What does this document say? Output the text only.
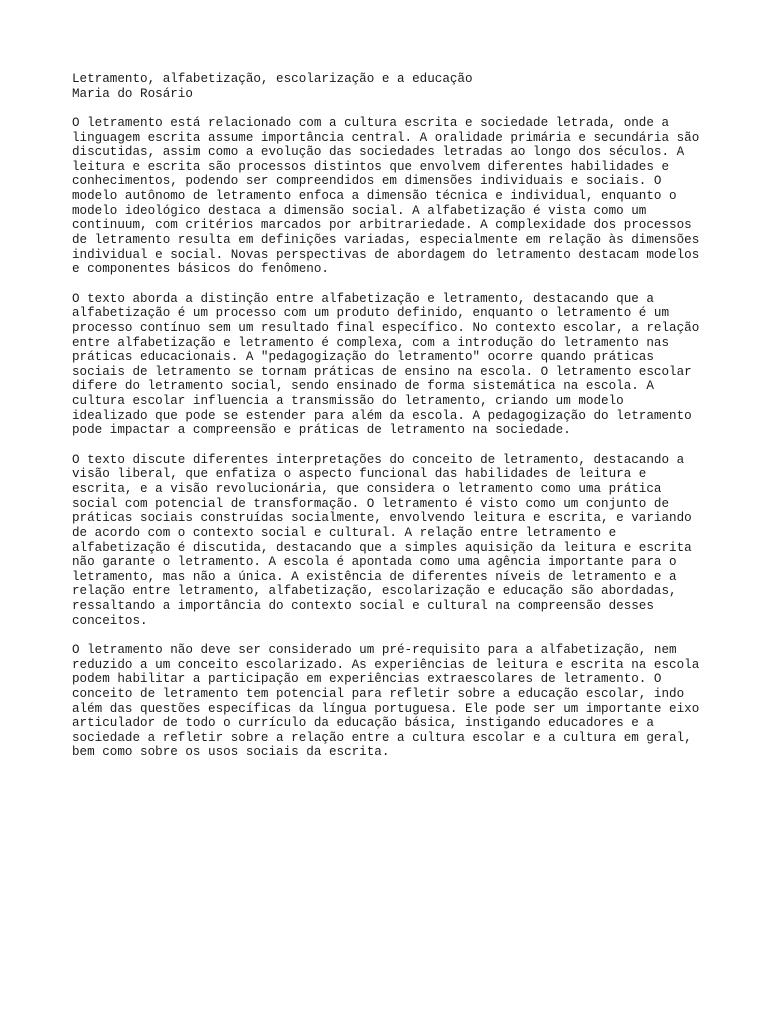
Letramento, alfabetização, escolarização e a educação
Maria do Rosário
O letramento está relacionado com a cultura escrita e sociedade letrada, onde a
linguagem escrita assume importância central. A oralidade primária e secundária são
discutidas, assim como a evolução das sociedades letradas ao longo dos séculos. A
leitura e escrita são processos distintos que envolvem diferentes habilidades e
conhecimentos, podendo ser compreendidos em dimensões individuais e sociais. O
modelo autônomo de letramento enfoca a dimensão técnica e individual, enquanto o
modelo ideológico destaca a dimensão social. A alfabetização é vista como um
continuum, com critérios marcados por arbitrariedade. A complexidade dos processos
de letramento resulta em definições variadas, especialmente em relação às dimensões
individual e social. Novas perspectivas de abordagem do letramento destacam modelos
e componentes básicos do fenômeno.
O texto aborda a distinção entre alfabetização e letramento, destacando que a
alfabetização é um processo com um produto definido, enquanto o letramento é um
processo contínuo sem um resultado final específico. No contexto escolar, a relação
entre alfabetização e letramento é complexa, com a introdução do letramento nas
práticas educacionais. A "pedagogização do letramento" ocorre quando práticas
sociais de letramento se tornam práticas de ensino na escola. O letramento escolar
difere do letramento social, sendo ensinado de forma sistemática na escola. A
cultura escolar influencia a transmissão do letramento, criando um modelo
idealizado que pode se estender para além da escola. A pedagogização do letramento
pode impactar a compreensão e práticas de letramento na sociedade.
O texto discute diferentes interpretações do conceito de letramento, destacando a
visão liberal, que enfatiza o aspecto funcional das habilidades de leitura e
escrita, e a visão revolucionária, que considera o letramento como uma prática
social com potencial de transformação. O letramento é visto como um conjunto de
práticas sociais construídas socialmente, envolvendo leitura e escrita, e variando
de acordo com o contexto social e cultural. A relação entre letramento e
alfabetização é discutida, destacando que a simples aquisição da leitura e escrita
não garante o letramento. A escola é apontada como uma agência importante para o
letramento, mas não a única. A existência de diferentes níveis de letramento e a
relação entre letramento, alfabetização, escolarização e educação são abordadas,
ressaltando a importância do contexto social e cultural na compreensão desses
conceitos.
O letramento não deve ser considerado um pré-requisito para a alfabetização, nem
reduzido a um conceito escolarizado. As experiências de leitura e escrita na escola
podem habilitar a participação em experiências extraescolares de letramento. O
conceito de letramento tem potencial para refletir sobre a educação escolar, indo
além das questões específicas da língua portuguesa. Ele pode ser um importante eixo
articulador de todo o currículo da educação básica, instigando educadores e a
sociedade a refletir sobre a relação entre a cultura escolar e a cultura em geral,
bem como sobre os usos sociais da escrita.
